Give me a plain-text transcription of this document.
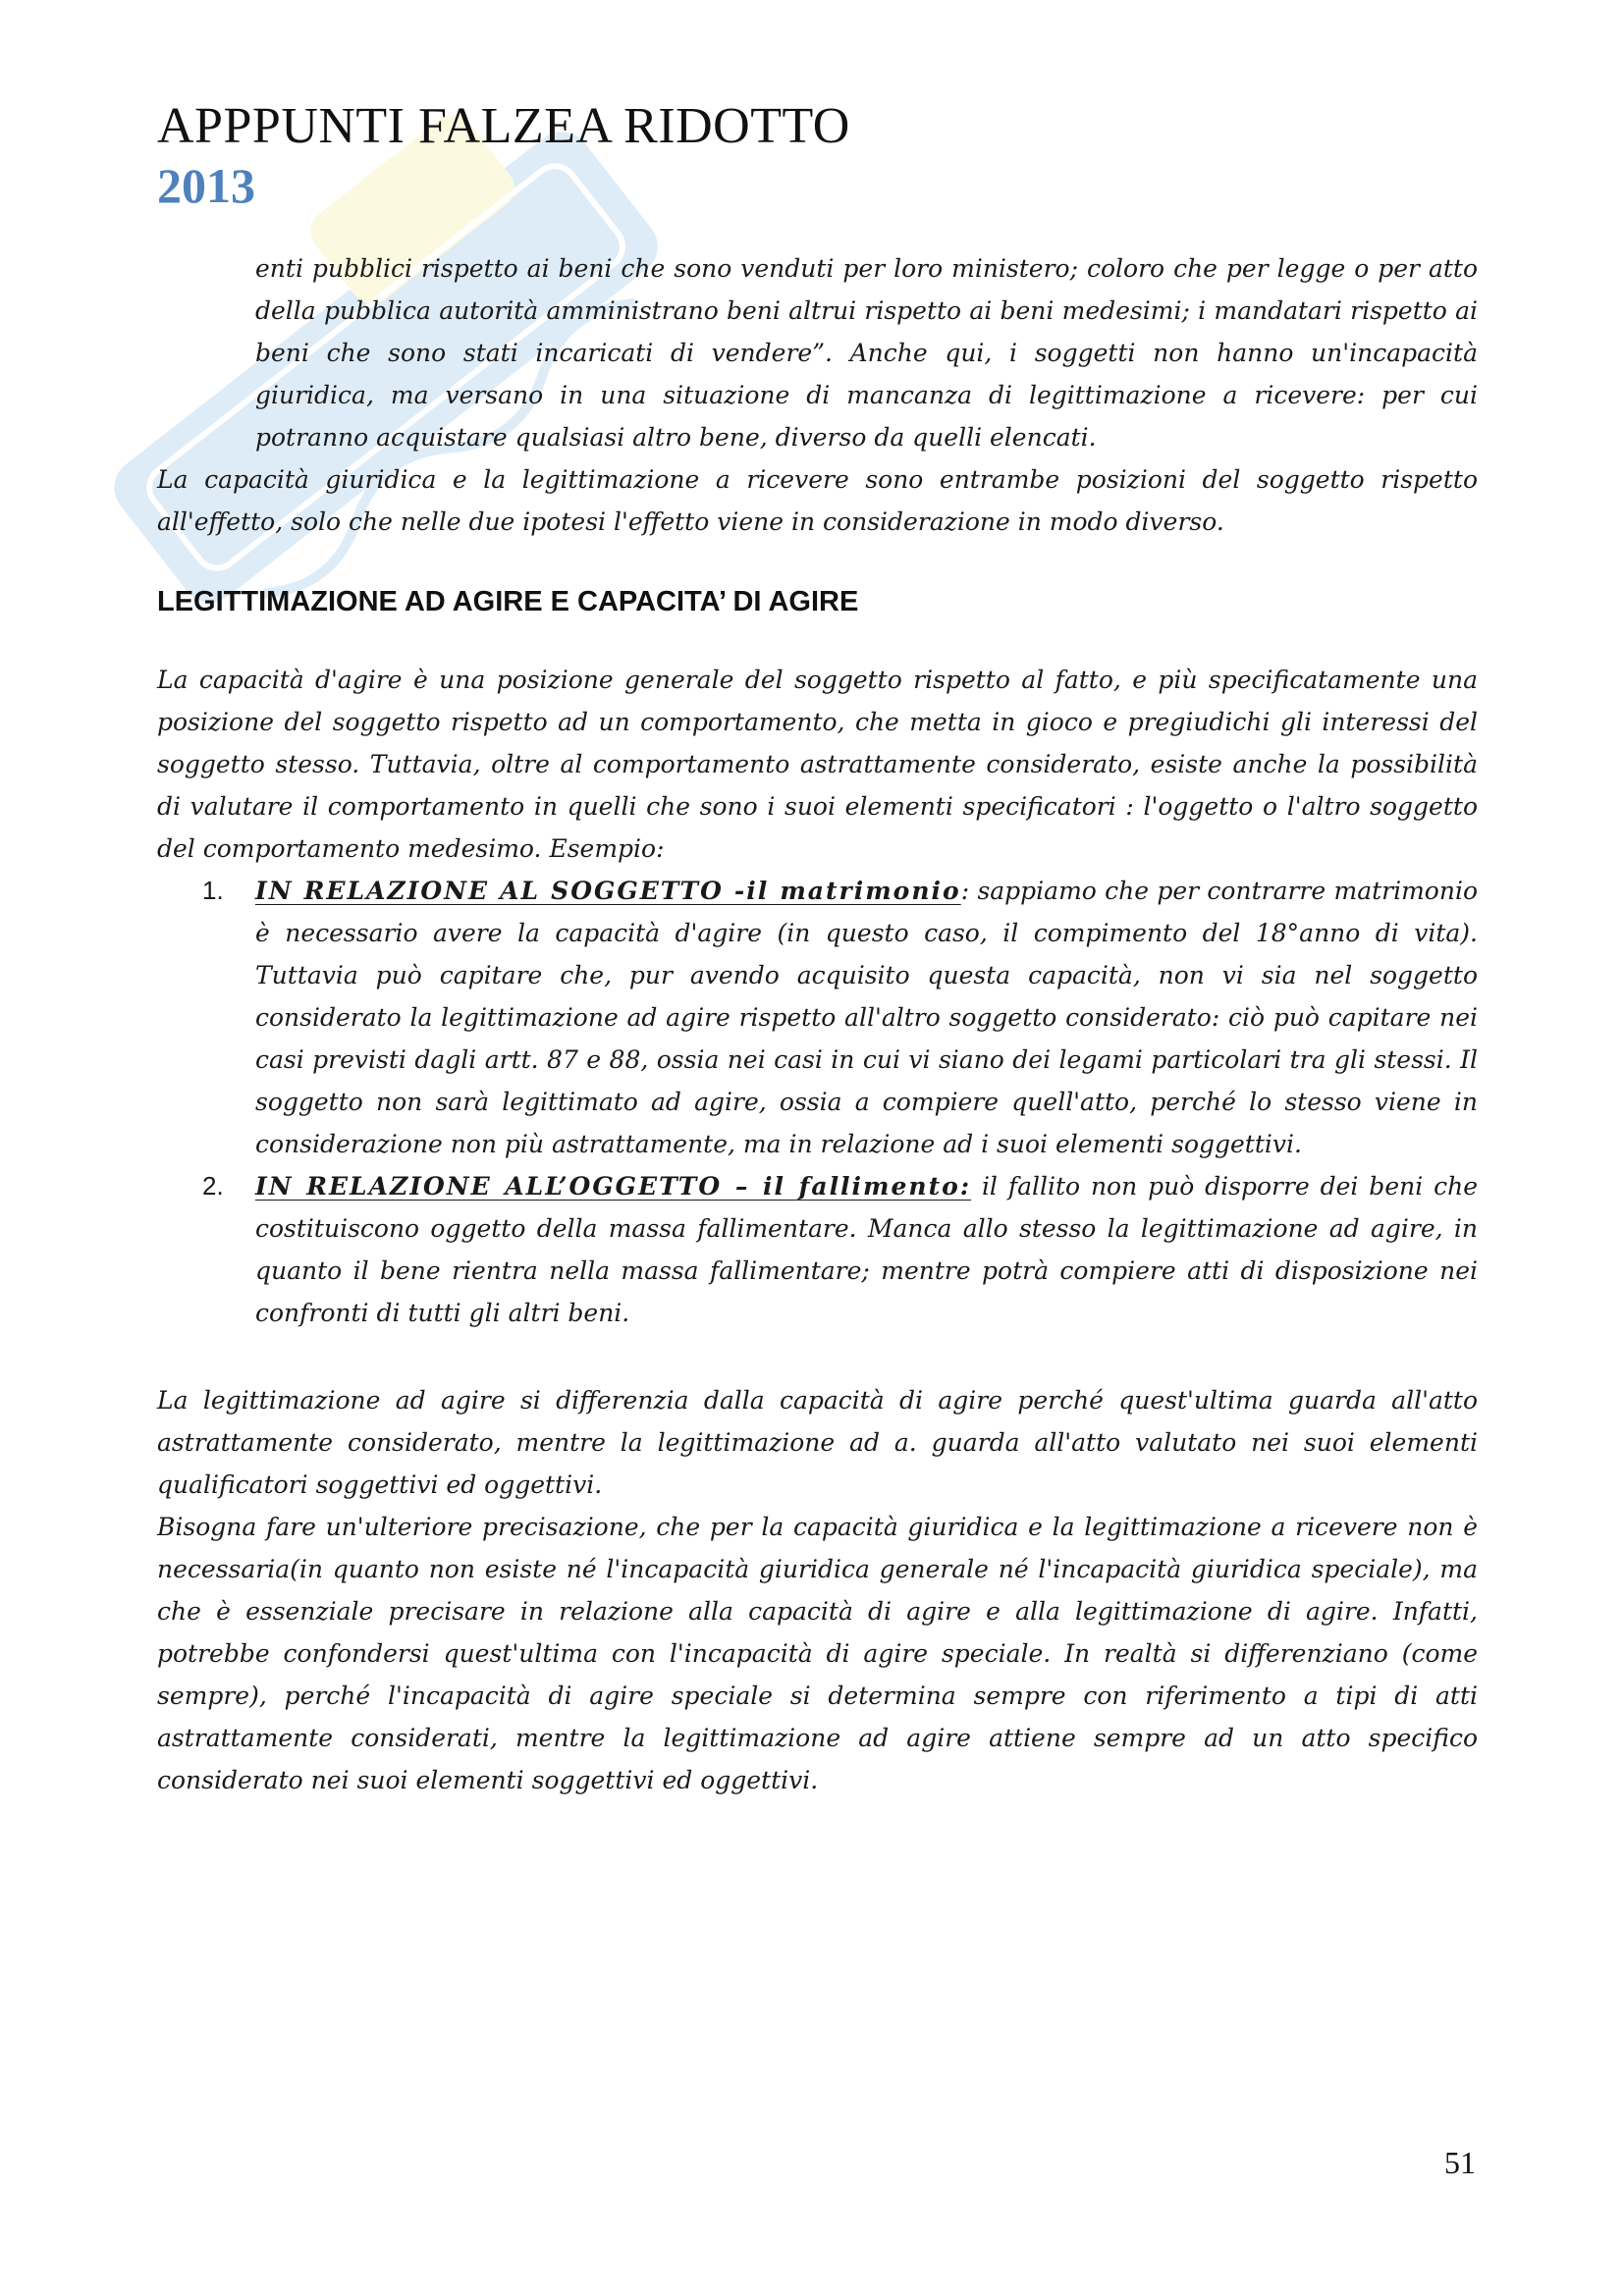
APPPUNTI FALZEA RIDOTTO
2013

enti pubblici rispetto ai beni che sono venduti per loro ministero; coloro che per legge o per atto della pubblica autorità amministrano beni altrui rispetto ai beni medesimi; i mandatari rispetto ai beni che sono stati incaricati di vendere”. Anche qui, i soggetti non hanno un'incapacità giuridica, ma versano in una situazione di mancanza di legittimazione a ricevere: per cui potranno acquistare qualsiasi altro bene, diverso da quelli elencati.

La capacità giuridica e la legittimazione a ricevere sono entrambe posizioni del soggetto rispetto all'effetto, solo che nelle due ipotesi l'effetto viene in considerazione in modo diverso.

LEGITTIMAZIONE AD AGIRE E CAPACITA’ DI AGIRE

La capacità d'agire è una posizione generale del soggetto rispetto al fatto, e più specificatamente una posizione del soggetto rispetto ad un comportamento, che metta in gioco e pregiudichi gli interessi del soggetto stesso. Tuttavia, oltre al comportamento astrattamente considerato, esiste anche la possibilità di valutare il comportamento in quelli che sono i suoi elementi specificatori : l'oggetto o l'altro soggetto del comportamento medesimo. Esempio:

1. IN RELAZIONE AL SOGGETTO -il matrimonio: sappiamo che per contrarre matrimonio è necessario avere la capacità d'agire (in questo caso, il compimento del 18°anno di vita). Tuttavia può capitare che, pur avendo acquisito questa capacità, non vi sia nel soggetto considerato la legittimazione ad agire rispetto all'altro soggetto considerato: ciò può capitare nei casi previsti dagli artt. 87 e 88, ossia nei casi in cui vi siano dei legami particolari tra gli stessi. Il soggetto non sarà legittimato ad agire, ossia a compiere quell'atto, perché lo stesso viene in considerazione non più astrattamente, ma in relazione ad i suoi elementi soggettivi.
2. IN RELAZIONE ALL’OGGETTO – il fallimento: il fallito non può disporre dei beni che costituiscono oggetto della massa fallimentare. Manca allo stesso la legittimazione ad agire, in quanto il bene rientra nella massa fallimentare; mentre potrà compiere atti di disposizione nei confronti di tutti gli altri beni.

La legittimazione ad agire si differenzia dalla capacità di agire perché quest'ultima guarda all'atto astrattamente considerato, mentre la legittimazione ad a. guarda all'atto valutato nei suoi elementi qualificatori soggettivi ed oggettivi.

Bisogna fare un'ulteriore precisazione, che per la capacità giuridica e la legittimazione a ricevere non è necessaria(in quanto non esiste né l'incapacità giuridica generale né l'incapacità giuridica speciale), ma che è essenziale precisare in relazione alla capacità di agire e alla legittimazione di agire. Infatti, potrebbe confondersi quest'ultima con l'incapacità di agire speciale. In realtà si differenziano (come sempre), perché l'incapacità di agire speciale si determina sempre con riferimento a tipi di atti astrattamente considerati, mentre la legittimazione ad agire attiene sempre ad un atto specifico considerato nei suoi elementi soggettivi ed oggettivi.

51
